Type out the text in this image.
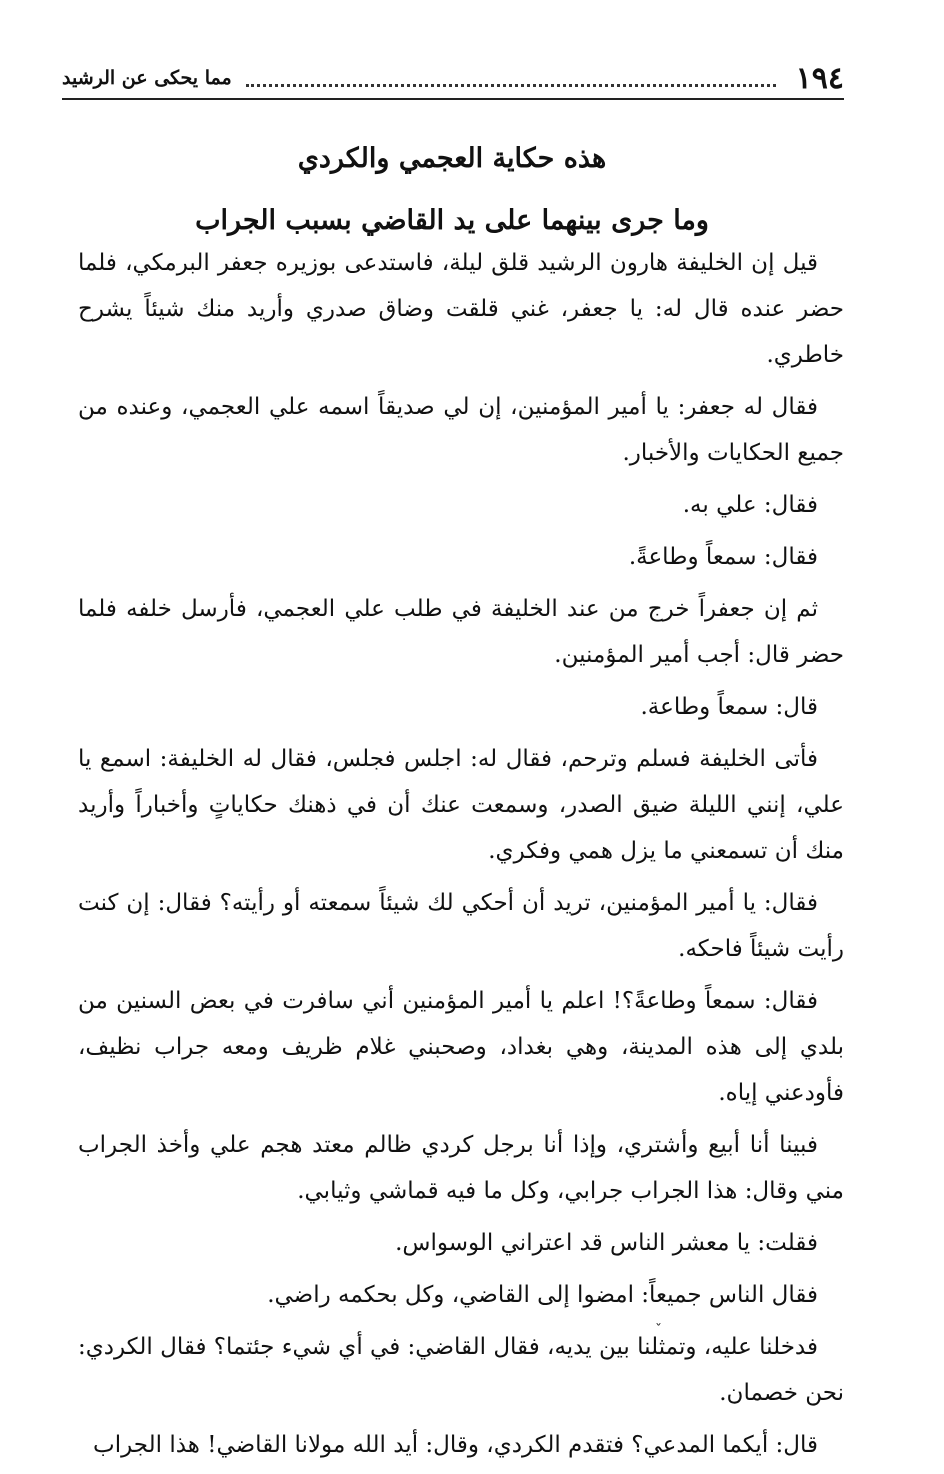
١٩٤
مما يحكى عن الرشيد
هذه حكاية العجمي والكردي
وما جرى بينهما على يد القاضي بسبب الجراب

قيل إن الخليفة هارون الرشيد قلق ليلة، فاستدعى بوزيره جعفر البرمكي، فلما حضر عنده قال له: يا جعفر، غني قلقت وضاق صدري وأريد منك شيئاً يشرح خاطري.

فقال له جعفر: يا أمير المؤمنين، إن لي صديقاً اسمه علي العجمي، وعنده من جميع الحكايات والأخبار.

فقال: علي به.

فقال: سمعاً وطاعةً.

ثم إن جعفراً خرج من عند الخليفة في طلب علي العجمي، فأرسل خلفه فلما حضر قال: أجب أمير المؤمنين.

قال: سمعاً وطاعة.

فأتى الخليفة فسلم وترحم، فقال له: اجلس فجلس، فقال له الخليفة: اسمع يا علي، إنني الليلة ضيق الصدر، وسمعت عنك أن في ذهنك حكاياتٍ وأخباراً وأريد منك أن تسمعني ما يزل همي وفكري.

فقال: يا أمير المؤمنين، تريد أن أحكي لك شيئاً سمعته أو رأيته؟ فقال: إن كنت رأيت شيئاً فاحكه.

فقال: سمعاً وطاعةً؟! اعلم يا أمير المؤمنين أني سافرت في بعض السنين من بلدي إلى هذه المدينة، وهي بغداد، وصحبني غلام ظريف ومعه جراب نظيف، فأودعني إياه.

فبينا أنا أبيع وأشتري، وإذا أنا برجل كردي ظالم معتد هجم علي وأخذ الجراب مني وقال: هذا الجراب جرابي، وكل ما فيه قماشي وثيابي.

فقلت: يا معشر الناس قد اعتراني الوسواس.

فقال الناس جميعاً: امضوا إلى القاضي، وكل بحكمه راضي.

فدخلنا عليه، وتمثلنا بين يديه، فقال القاضي: في أي شيء جئتما؟ فقال الكردي: نحن خصمان.

قال: أيكما المدعي؟ فتقدم الكردي، وقال: أيد الله مولانا القاضي! هذا الجراب

ˇ
